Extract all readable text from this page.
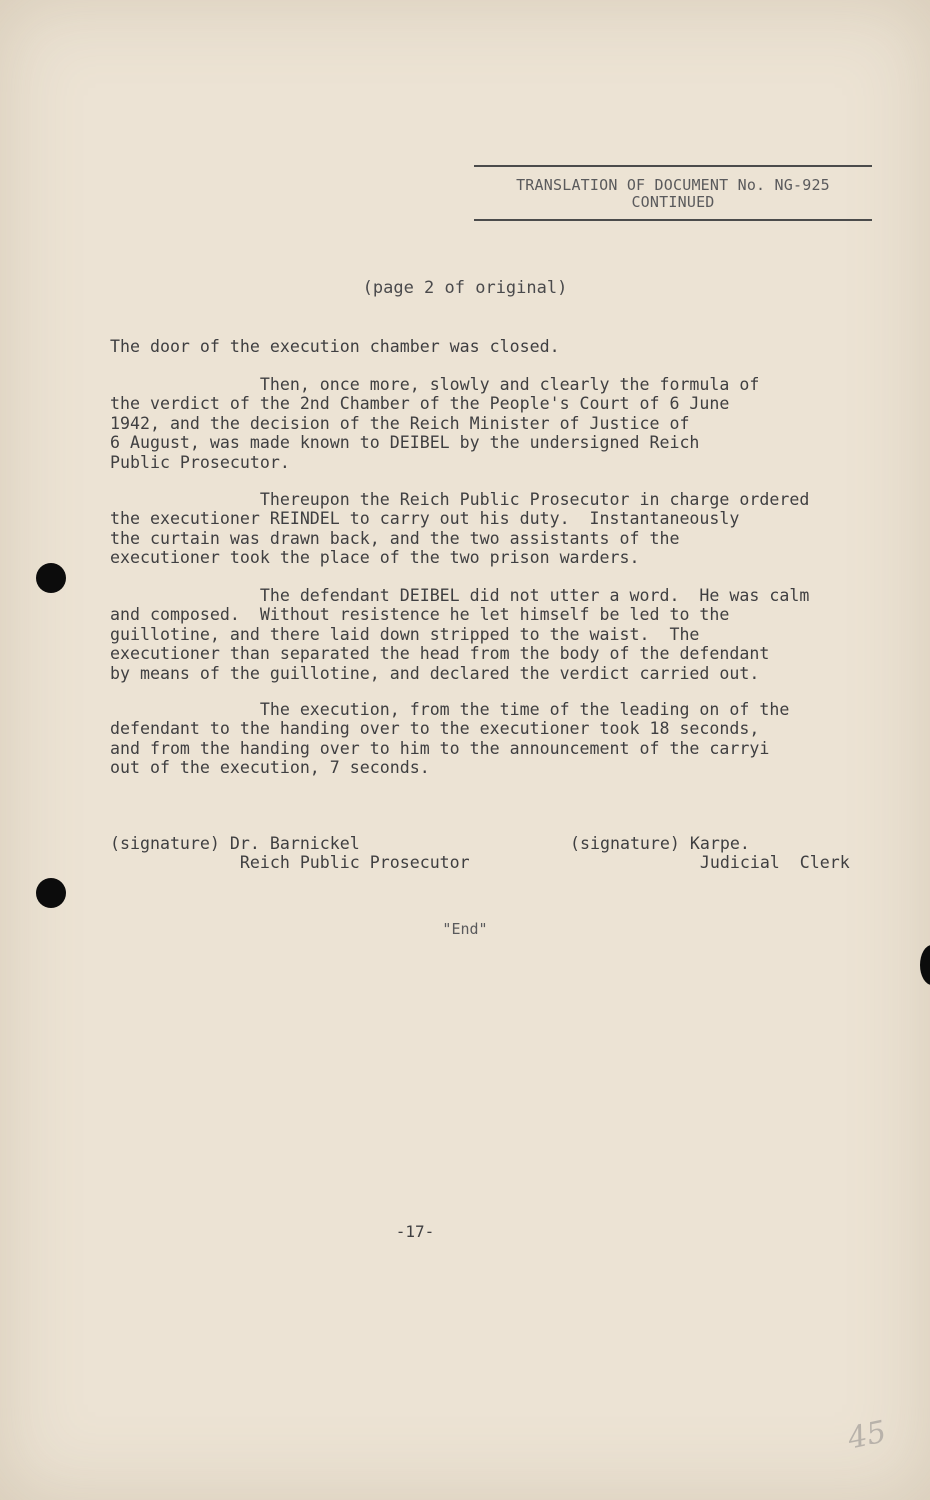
TRANSLATION OF DOCUMENT No. NG-925
CONTINUED
(page 2 of original)
The door of the execution chamber was closed.
Then, once more, slowly and clearly the formula of
the verdict of the 2nd Chamber of the People's Court of 6 June
1942, and the decision of the Reich Minister of Justice of
6 August, was made known to DEIBEL by the undersigned Reich
Public Prosecutor.
Thereupon the Reich Public Prosecutor in charge ordered
the executioner REINDEL to carry out his duty.  Instantaneously
the curtain was drawn back, and the two assistants of the
executioner took the place of the two prison warders.
The defendant DEIBEL did not utter a word.  He was calm
and composed.  Without resistence he let himself be led to the
guillotine, and there laid down stripped to the waist.  The
executioner than separated the head from the body of the defendant
by means of the guillotine, and declared the verdict carried out.
The execution, from the time of the leading on of the
defendant to the handing over to the executioner took 18 seconds,
and from the handing over to him to the announcement of the carryi
out of the execution, 7 seconds.
(signature) Dr. Barnickel
Reich Public Prosecutor
(signature) Karpe.
Judicial  Clerk
"End"
-17-
45
